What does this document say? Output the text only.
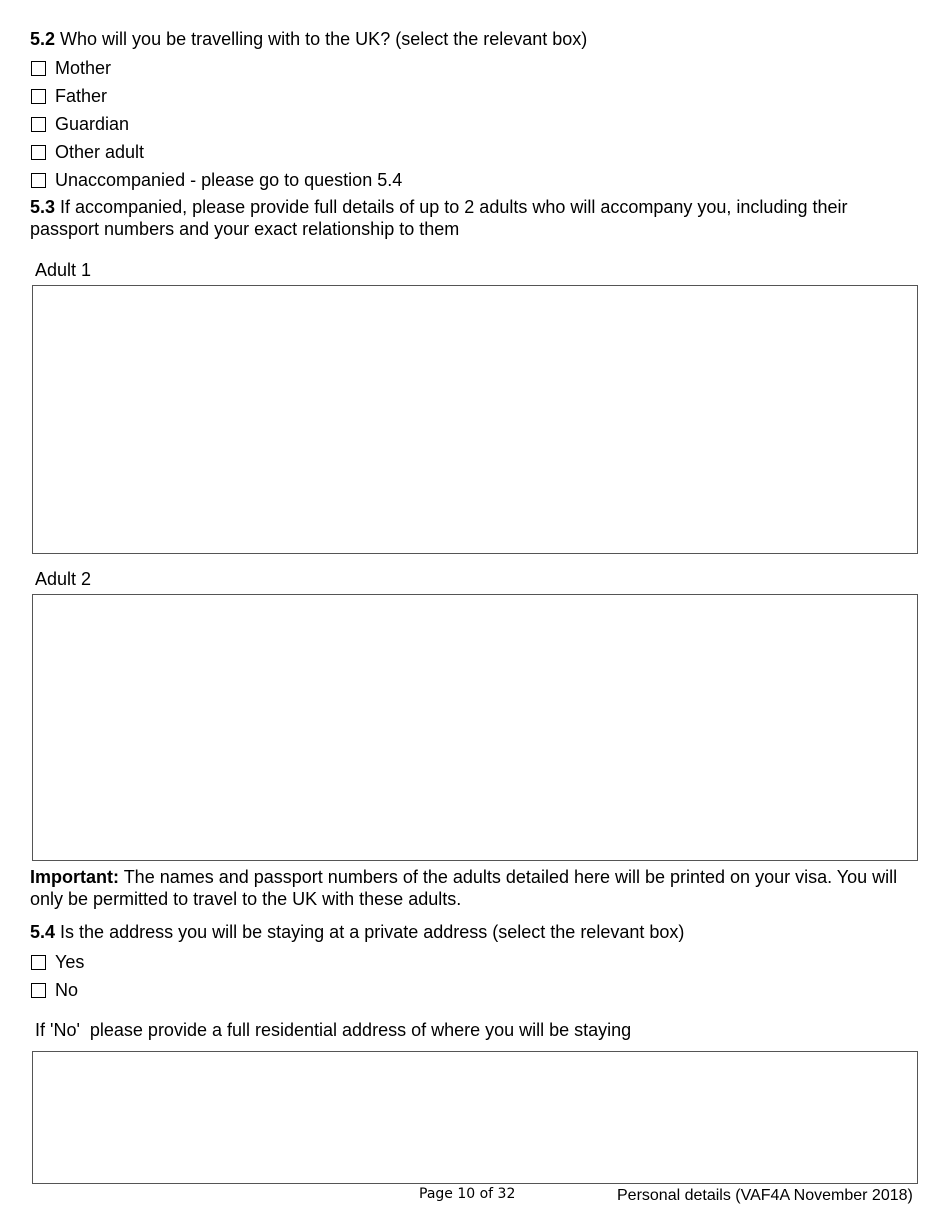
5.2 Who will you be travelling with to the UK? (select the relevant box)
Mother
Father
Guardian
Other adult
Unaccompanied - please go to question 5.4
5.3 If accompanied, please provide full details of up to 2 adults who will accompany you, including their passport numbers and your exact relationship to them
Adult 1
Adult 2
Important: The names and passport numbers of the adults detailed here will be printed on your visa. You will only be permitted to travel to the UK with these adults.
5.4 Is the address you will be staying at a private address (select the relevant box)
Yes
No
If 'No'  please provide a full residential address of where you will be staying
Page 10 of 32	Personal details (VAF4A November 2018)
